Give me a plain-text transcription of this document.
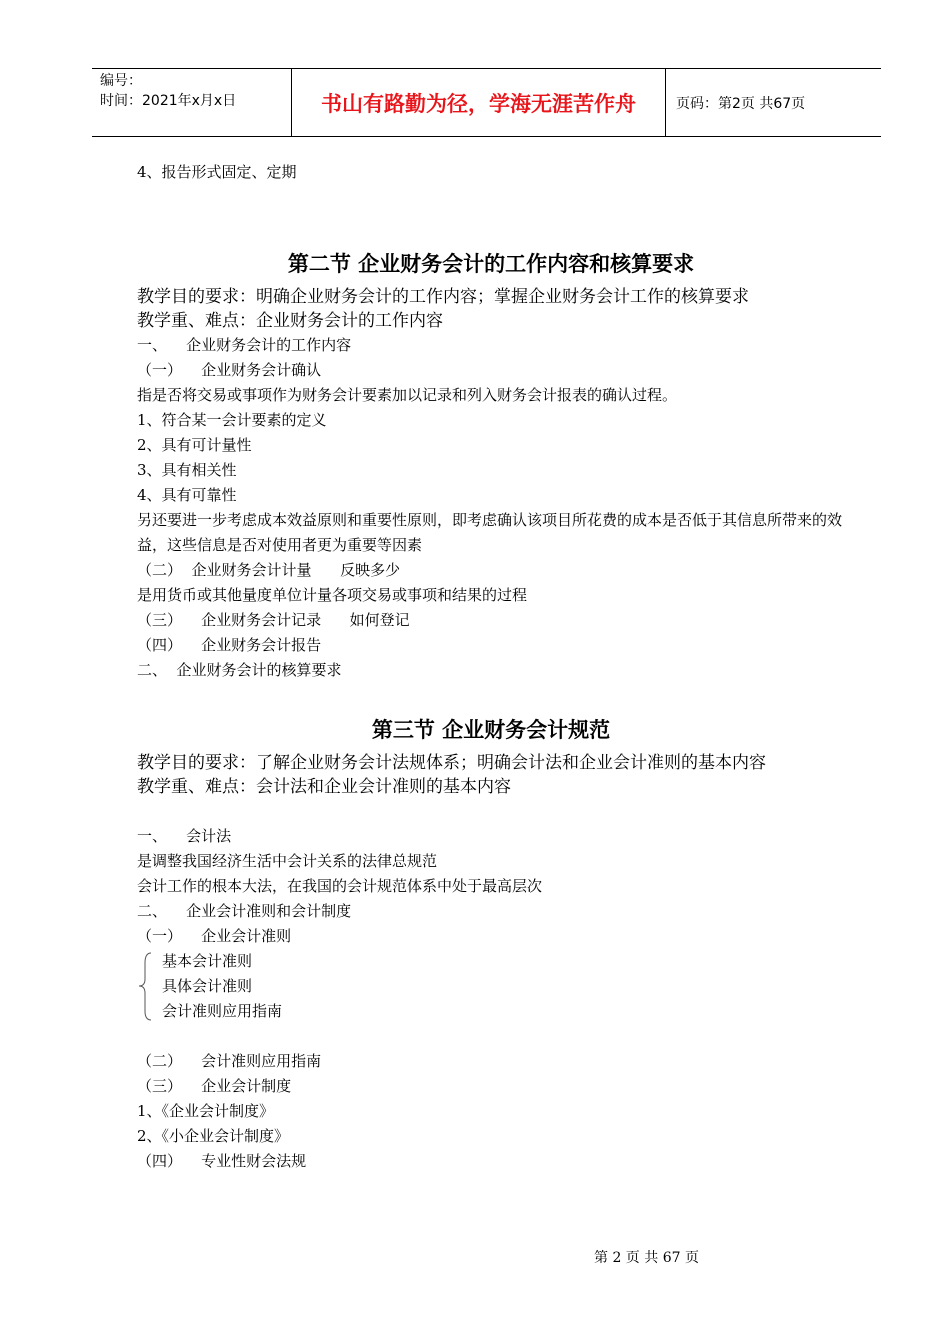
编号：
时间：2021年x月x日	书山有路勤为径，学海无涯苦作舟	页码：第2页 共67页
4、报告形式固定、定期
第二节 企业财务会计的工作内容和核算要求
教学目的要求：明确企业财务会计的工作内容；掌握企业财务会计工作的核算要求
教学重、难点：企业财务会计的工作内容
一、    企业财务会计的工作内容
（一）    企业财务会计确认
指是否将交易或事项作为财务会计要素加以记录和列入财务会计报表的确认过程。
1、符合某一会计要素的定义
2、具有可计量性
3、具有相关性
4、具有可靠性
另还要进一步考虑成本效益原则和重要性原则，即考虑确认该项目所花费的成本是否低于其信息所带来的效益，这些信息是否对使用者更为重要等因素
（二）  企业财务会计计量      反映多少
是用货币或其他量度单位计量各项交易或事项和结果的过程
（三）    企业财务会计记录      如何登记
（四）    企业财务会计报告
二、  企业财务会计的核算要求
第三节 企业财务会计规范
教学目的要求：了解企业财务会计法规体系；明确会计法和企业会计准则的基本内容
教学重、难点：会计法和企业会计准则的基本内容
一、    会计法
是调整我国经济生活中会计关系的法律总规范
会计工作的根本大法，在我国的会计规范体系中处于最高层次
二、    企业会计准则和会计制度
（一）    企业会计准则
基本会计准则
具体会计准则
会计准则应用指南
（二）    会计准则应用指南
（三）    企业会计制度
1、《企业会计制度》
2、《小企业会计制度》
（四）    专业性财会法规
第 2 页 共 67 页
